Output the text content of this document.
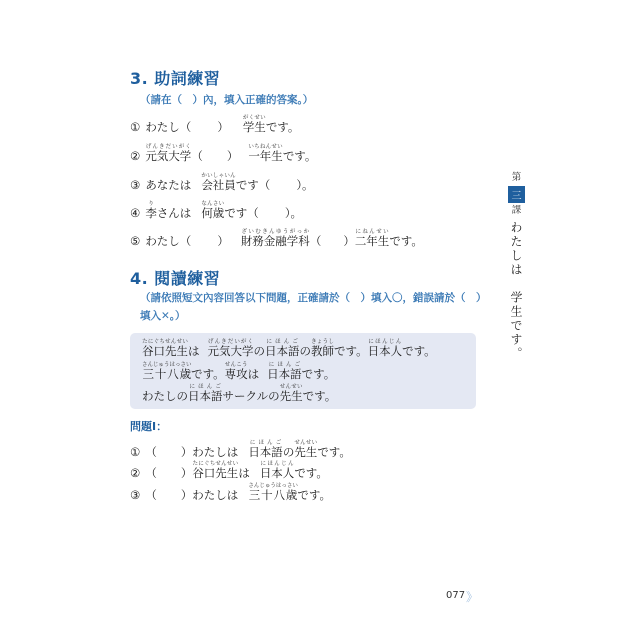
3. 助詞練習
（請在（　）內，填入正確的答案。）
① わたし（ ） 学生がくせいです。
② 元気大学げんきだいがく（ ） 一年生いちねんせいです。
③ あなたは 会社員かいしゃいんです（ ）。
④ 李りさんは 何歳なんさいです（ ）。
⑤ わたし（ ） 財務金融学科ざいむきんゆうがっか（ ）二年生にねんせいです。
4. 閱讀練習
（請依照短文內容回答以下問題，正確請於（　）填入〇，錯誤請於（　）
填入✕。）
谷口先生たにぐちせんせいは 元気大学げんきだいがくの日本語にほんごの教師きょうしです。日本人にほんじんです。
三十八歳さんじゅうはっさいです。専攻せんこうは 日本語にほんごです。
わたしの日本語にほんごサークルの先生せんせいです。
問題Ⅰ：
① （ ）わたしは 日本語にほんごの先生せんせいです。
② （ ）谷口先生たにぐちせんせいは 日本人にほんじんです。
③ （ ）わたしは 三十八歳さんじゅうはっさいです。
第
三
課
わたしは　学生です。
077 》
